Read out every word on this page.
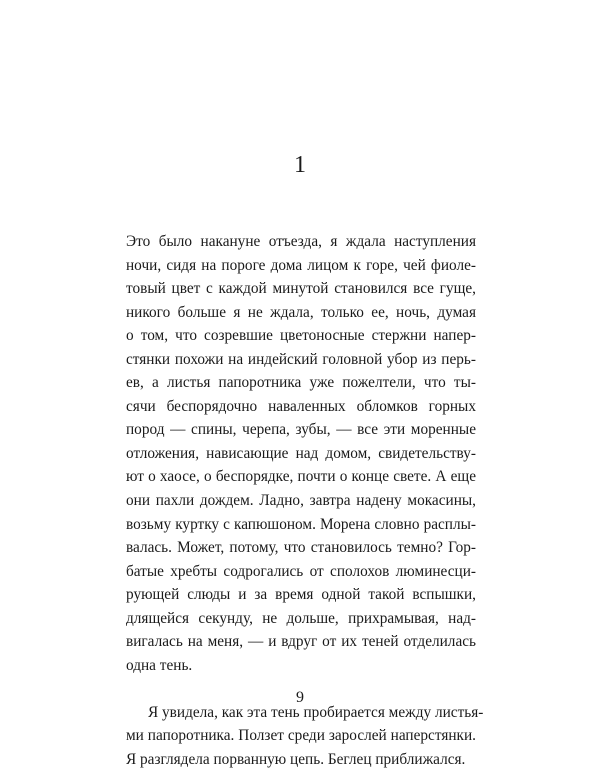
1

Это было накануне отъезда, я ждала наступления
ночи, сидя на пороге дома лицом к горе, чей фиоле-
товый цвет с каждой минутой становился все гуще,
никого больше я не ждала, только ее, ночь, думая
о том, что созревшие цветоносные стержни напер-
стянки похожи на индейский головной убор из перь-
ев, а листья папоротника уже пожелтели, что ты-
сячи беспорядочно наваленных обломков горных
пород — спины, черепа, зубы, — все эти моренные
отложения, нависающие над домом, свидетельству-
ют о хаосе, о беспорядке, почти о конце свете. А еще
они пахли дождем. Ладно, завтра надену мокасины,
возьму куртку с капюшоном. Морена словно расплы-
валась. Может, потому, что становилось темно? Гор-
батые хребты содрогались от сполохов люминесци-
рующей слюды и за время одной такой вспышки,
длящейся секунду, не дольше, прихрамывая, над-
вигалась на меня, — и вдруг от их теней отделилась
одна тень.

Я увидела, как эта тень пробирается между листья-
ми папоротника. Ползет среди зарослей наперстянки.
Я разглядела порванную цепь. Беглец приближался.

9
